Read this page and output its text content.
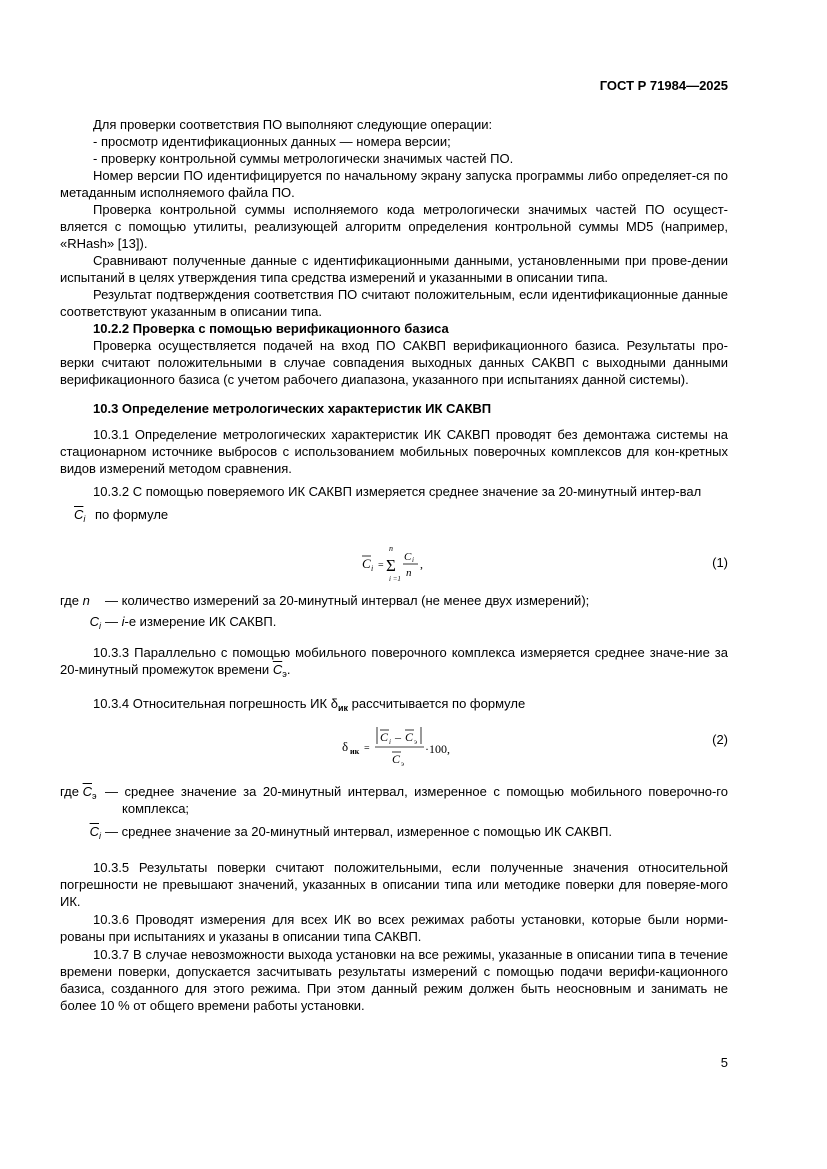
ГОСТ Р 71984—2025

Для проверки соответствия ПО выполняют следующие операции:

- просмотр идентификационных данных — номера версии;

- проверку контрольной суммы метрологически значимых частей ПО.

Номер версии ПО идентифицируется по начальному экрану запуска программы либо определяет-ся по метаданным исполняемого файла ПО.

Проверка контрольной суммы исполняемого кода метрологически значимых частей ПО осущест-вляется с помощью утилиты, реализующей алгоритм определения контрольной суммы MD5 (например, «RHash» [13]).

Сравнивают полученные данные с идентификационными данными, установленными при прове-дении испытаний в целях утверждения типа средства измерений и указанными в описании типа.

Результат подтверждения соответствия ПО считают положительным, если идентификационные данные соответствуют указанным в описании типа.

10.2.2 Проверка с помощью верификационного базиса

Проверка осуществляется подачей на вход ПО САКВП верификационного базиса. Результаты про-верки считают положительными в случае совпадения выходных данных САКВП с выходными данными верификационного базиса (с учетом рабочего диапазона, указанного при испытаниях данной системы).

10.3 Определение метрологических характеристик ИК САКВП

10.3.1 Определение метрологических характеристик ИК САКВП проводят без демонтажа системы на стационарном источнике выбросов с использованием мобильных поверочных комплексов для кон-кретных видов измерений методом сравнения.

10.3.2 С помощью поверяемого ИК САКВП измеряется среднее значение за 20-минутный интер-вал

$\overline{C}_i$ по формуле

C i =
n
Σ
i =1
C i
n
,	(1)
где n	— количество измерений за 20-минутный интервал (не менее двух измерений);
$C_i$ — i-е измерение ИК САКВП.

10.3.3 Параллельно с помощью мобильного поверочного комплекса измеряется среднее значе-ние за 20-минутный промежуток времени $\overline{C}_э$.

10.3.4 Относительная погрешность ИК $\delta_{ик}$ рассчитывается по формуле

δ ик =
C i – C э
C э
·100,
(2)
где $\overline{C}_э$ — среднее значение за 20-минутный интервал, измеренное с помощью мобильного поверочно-го комплекса;
$\overline{C}_i$ — среднее значение за 20-минутный интервал, измеренное с помощью ИК САКВП.

10.3.5 Результаты поверки считают положительными, если полученные значения относительной погрешности не превышают значений, указанных в описании типа или методике поверки для поверяе-мого ИК.

10.3.6 Проводят измерения для всех ИК во всех режимах работы установки, которые были норми-рованы при испытаниях и указаны в описании типа САКВП.

10.3.7 В случае невозможности выхода установки на все режимы, указанные в описании типа в течение времени поверки, допускается засчитывать результаты измерений с помощью подачи верифи-кационного базиса, созданного для этого режима. При этом данный режим должен быть неосновным и занимать не более 10 % от общего времени работы установки.

5
